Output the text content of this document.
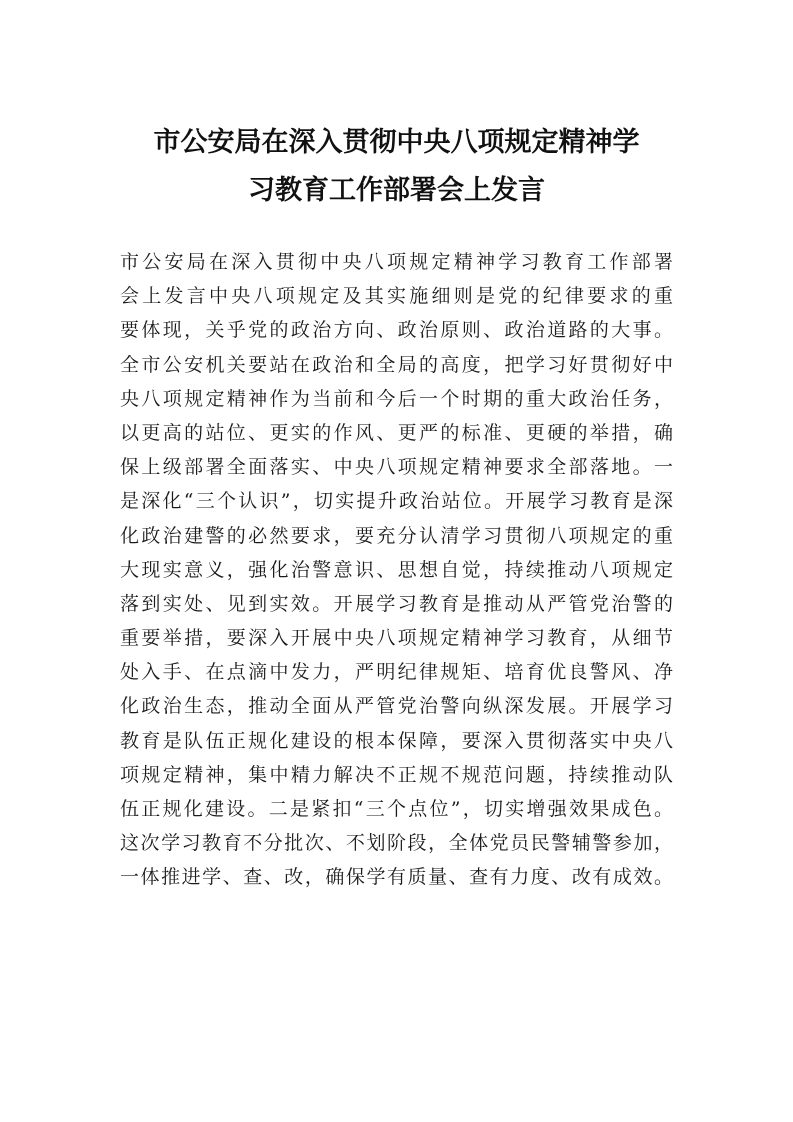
市公安局在深入贯彻中央八项规定精神学
习教育工作部署会上发言
市公安局在深入贯彻中央八项规定精神学习教育工作部署
会上发言中央八项规定及其实施细则是党的纪律要求的重
要体现，关乎党的政治方向、政治原则、政治道路的大事。
全市公安机关要站在政治和全局的高度，把学习好贯彻好中
央八项规定精神作为当前和今后一个时期的重大政治任务，
以更高的站位、更实的作风、更严的标准、更硬的举措，确
保上级部署全面落实、中央八项规定精神要求全部落地。一
是深化“三个认识”，切实提升政治站位。开展学习教育是深
化政治建警的必然要求，要充分认清学习贯彻八项规定的重
大现实意义，强化治警意识、思想自觉，持续推动八项规定
落到实处、见到实效。开展学习教育是推动从严管党治警的
重要举措，要深入开展中央八项规定精神学习教育，从细节
处入手、在点滴中发力，严明纪律规矩、培育优良警风、净
化政治生态，推动全面从严管党治警向纵深发展。开展学习
教育是队伍正规化建设的根本保障，要深入贯彻落实中央八
项规定精神，集中精力解决不正规不规范问题，持续推动队
伍正规化建设。二是紧扣“三个点位”，切实增强效果成色。
这次学习教育不分批次、不划阶段，全体党员民警辅警参加，
一体推进学、查、改，确保学有质量、查有力度、改有成效。
